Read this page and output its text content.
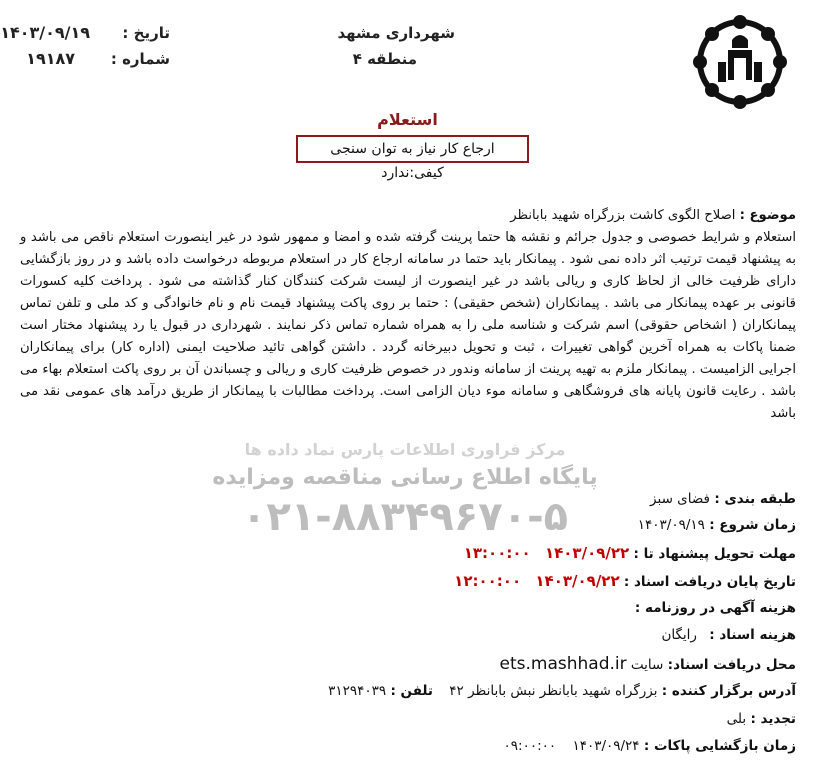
شهرداری مشهد
منطقه ۴
تاریخ :
۱۴۰۳/۰۹/۱۹
شماره :
۱۹۱۸۷
استعلام
ارجاع کار نیاز به توان سنجی کیفی:ندارد
مرکز فراوری اطلاعات پارس نماد داده ها
پایگاه اطلاع رسانی مناقصه ومزایده
۰۲۱-۸۸۳۴۹۶۷۰-۵
موضوع : اصلاح الگوی کاشت بزرگراه شهید بابانظر
استعلام و شرایط خصوصی و جدول جرائم و نقشه ها حتما پرینت گرفته شده و امضا و ممهور شود در غیر اینصورت استعلام ناقص می باشد و به پیشنهاد قیمت ترتیب اثر داده نمی شود . پیمانکار باید حتما در سامانه ارجاع کار در استعلام مربوطه درخواست داده باشد و در روز بازگشایی دارای ظرفیت خالی از لحاظ کاری و ریالی باشد در غیر اینصورت از لیست شرکت کنندگان کنار گذاشته می شود . پرداخت کلیه کسورات قانونی بر عهده پیمانکار می باشد . پیمانکاران (شخص حقیقی) : حتما بر روی پاکت پیشنهاد قیمت نام و نام خانوادگی و کد ملی و تلفن تماس پیمانکاران ( اشخاص حقوقی) اسم شرکت و شناسه ملی را به همراه شماره تماس ذکر نمایند . شهرداری در قبول یا رد پیشنهاد مختار است ضمنا پاکات به همراه آخرین گواهی تغییرات ، ثبت و تحویل دبیرخانه گردد . داشتن گواهی تائید صلاحیت ایمنی (اداره کار) برای پیمانکاران اجرایی الزامیست . پیمانکار ملزم به تهیه پرینت از سامانه وندور در خصوص ظرفیت کاری و ریالی و چسباندن آن بر روی پاکت استعلام بهاء می باشد . رعایت قانون پایانه های فروشگاهی و سامانه موء دیان الزامی است. پرداخت مطالبات با پیمانکار از طریق درآمد های عمومی نقد می باشد
طبقه بندی : فضای سبز
زمان شروع : ۱۴۰۳/۰۹/۱۹
مهلت تحویل پیشنهاد تا : ۱۴۰۳/۰۹/۲۲ ۱۳:۰۰:۰۰
تاریخ پایان دریافت اسناد : ۱۴۰۳/۰۹/۲۲ ۱۲:۰۰:۰۰
هزینه آگهی در روزنامه :
هزینه اسناد : رایگان
محل دریافت اسناد: سایت ets.mashhad.ir
آدرس برگزار کننده : بزرگراه شهید بابانظر نبش بابانظر ۴۲ تلفن : ۳۱۲۹۴۰۳۹
تجدید : بلی
زمان بازگشایی پاکات : ۱۴۰۳/۰۹/۲۴ ۰۹:۰۰:۰۰
